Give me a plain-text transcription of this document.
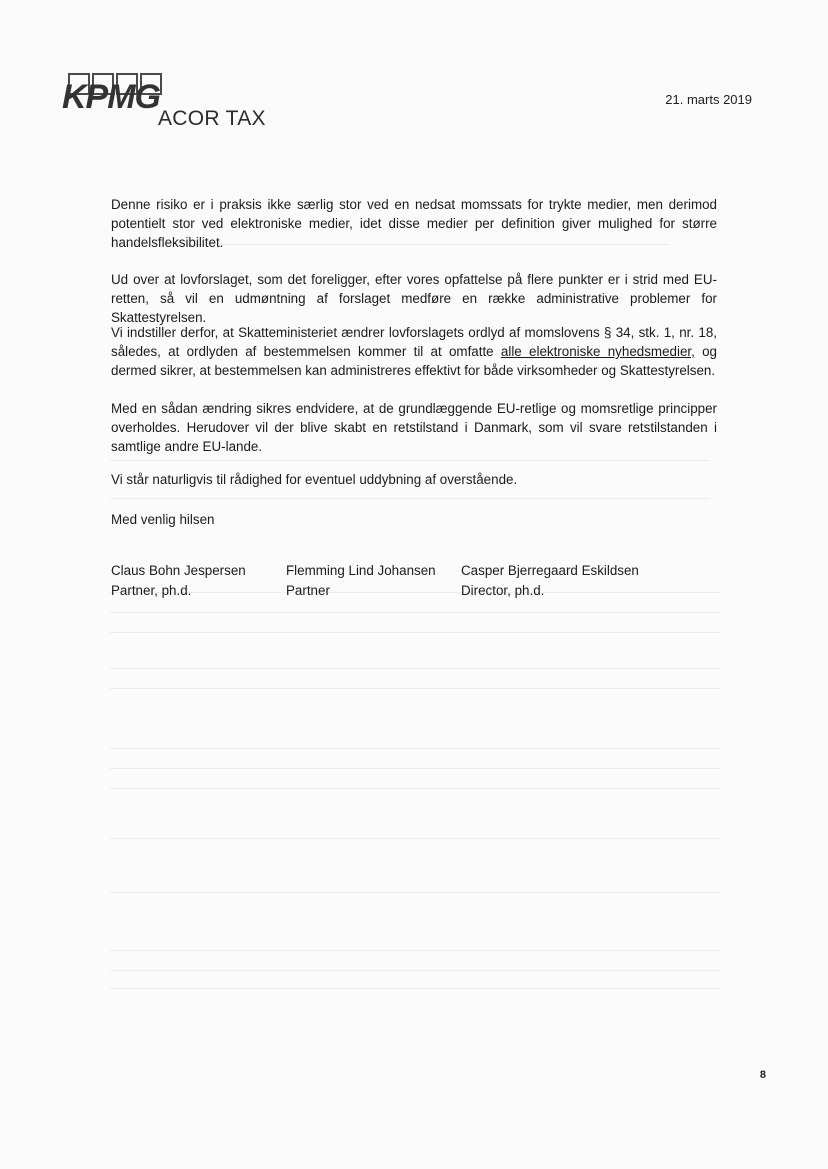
KPMG
ACOR TAX
21. marts 2019

Denne risiko er i praksis ikke særlig stor ved en nedsat momssats for trykte medier, men derimod potentielt stor ved elektroniske medier, idet disse medier per definition giver mulighed for større handelsfleksibilitet.

Ud over at lovforslaget, som det foreligger, efter vores opfattelse på flere punkter er i strid med EU-retten, så vil en udmøntning af forslaget medføre en række administrative problemer for Skattestyrelsen.

Vi indstiller derfor, at Skatteministeriet ændrer lovforslagets ordlyd af momslovens § 34, stk. 1, nr. 18, således, at ordlyden af bestemmelsen kommer til at omfatte alle elektroniske nyhedsmedier, og dermed sikrer, at bestemmelsen kan administreres effektivt for både virksomheder og Skattestyrelsen.

Med en sådan ændring sikres endvidere, at de grundlæggende EU-retlige og momsretlige principper overholdes. Herudover vil der blive skabt en retstilstand i Danmark, som vil svare retstilstanden i samtlige andre EU-lande.

Vi står naturligvis til rådighed for eventuel uddybning af overstående.

Med venlig hilsen

Claus Bohn Jespersen
Partner, ph.d.
Flemming Lind Johansen
Partner
Casper Bjerregaard Eskildsen
Director, ph.d.
8
